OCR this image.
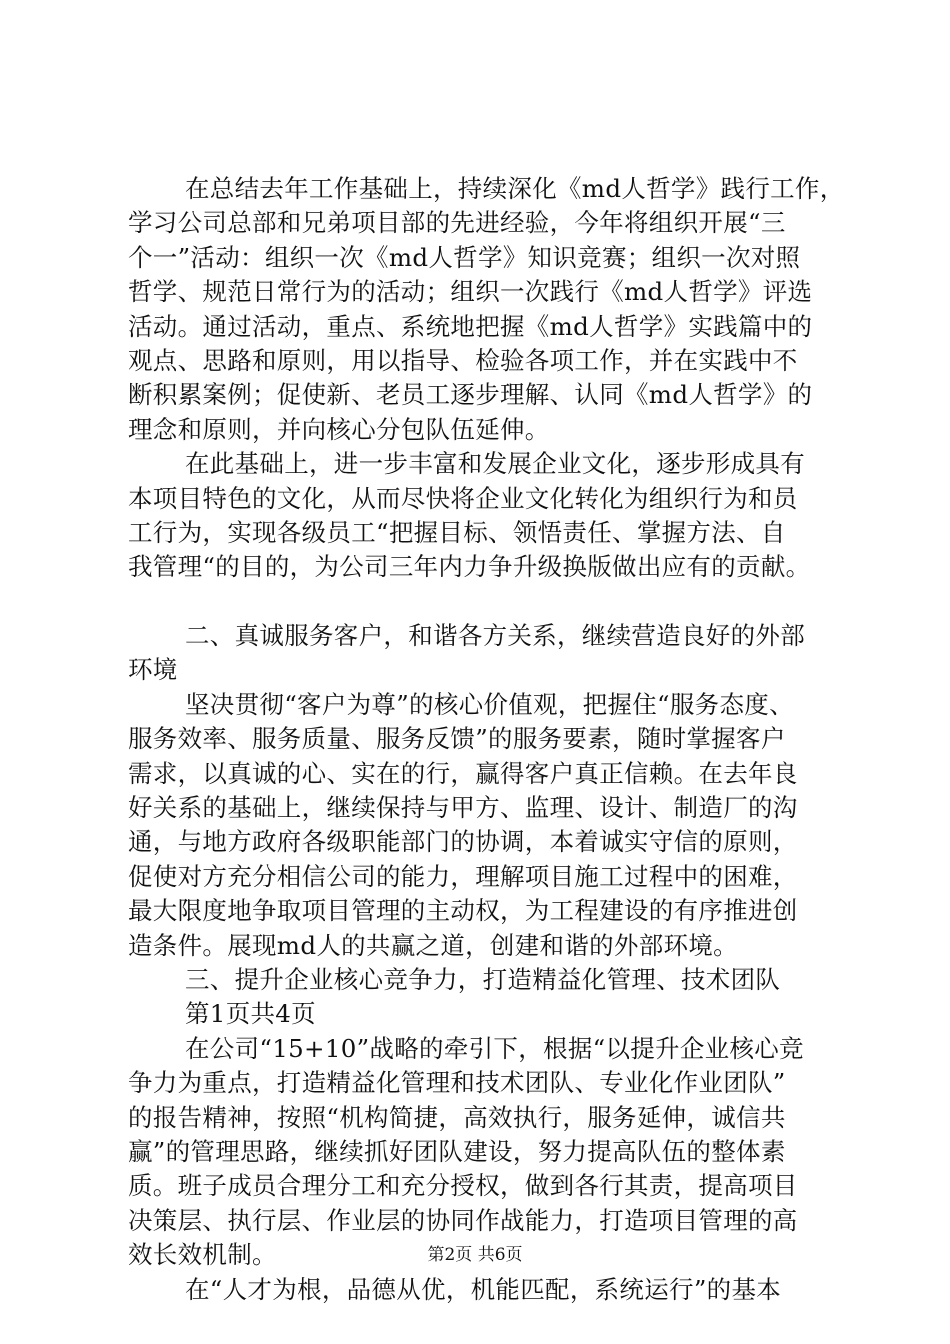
在总结去年工作基础上，持续深化《md人哲学》践行工作，
学习公司总部和兄弟项目部的先进经验，今年将组织开展“三
个一”活动：组织一次《md人哲学》知识竞赛；组织一次对照
哲学、规范日常行为的活动；组织一次践行《md人哲学》评选
活动。通过活动，重点、系统地把握《md人哲学》实践篇中的
观点、思路和原则，用以指导、检验各项工作，并在实践中不
断积累案例；促使新、老员工逐步理解、认同《md人哲学》的
理念和原则，并向核心分包队伍延伸。
在此基础上，进一步丰富和发展企业文化，逐步形成具有
本项目特色的文化，从而尽快将企业文化转化为组织行为和员
工行为，实现各级员工“把握目标、领悟责任、掌握方法、自
我管理“的目的，为公司三年内力争升级换版做出应有的贡献。
二、真诚服务客户，和谐各方关系，继续营造良好的外部
环境
坚决贯彻“客户为尊”的核心价值观，把握住“服务态度、
服务效率、服务质量、服务反馈”的服务要素，随时掌握客户
需求，以真诚的心、实在的行，赢得客户真正信赖。在去年良
好关系的基础上，继续保持与甲方、监理、设计、制造厂的沟
通，与地方政府各级职能部门的协调，本着诚实守信的原则，
促使对方充分相信公司的能力，理解项目施工过程中的困难，
最大限度地争取项目管理的主动权，为工程建设的有序推进创
造条件。展现md人的共赢之道，创建和谐的外部环境。
三、提升企业核心竞争力，打造精益化管理、技术团队
第1页共4页
在公司“15+10”战略的牵引下，根据“以提升企业核心竞
争力为重点，打造精益化管理和技术团队、专业化作业团队”
的报告精神，按照“机构简捷，高效执行，服务延伸，诚信共
赢”的管理思路，继续抓好团队建设，努力提高队伍的整体素
质。班子成员合理分工和充分授权，做到各行其责，提高项目
决策层、执行层、作业层的协同作战能力，打造项目管理的高
效长效机制。
在“人才为根，品德从优，机能匹配，系统运行”的基本
第2页 共6页
